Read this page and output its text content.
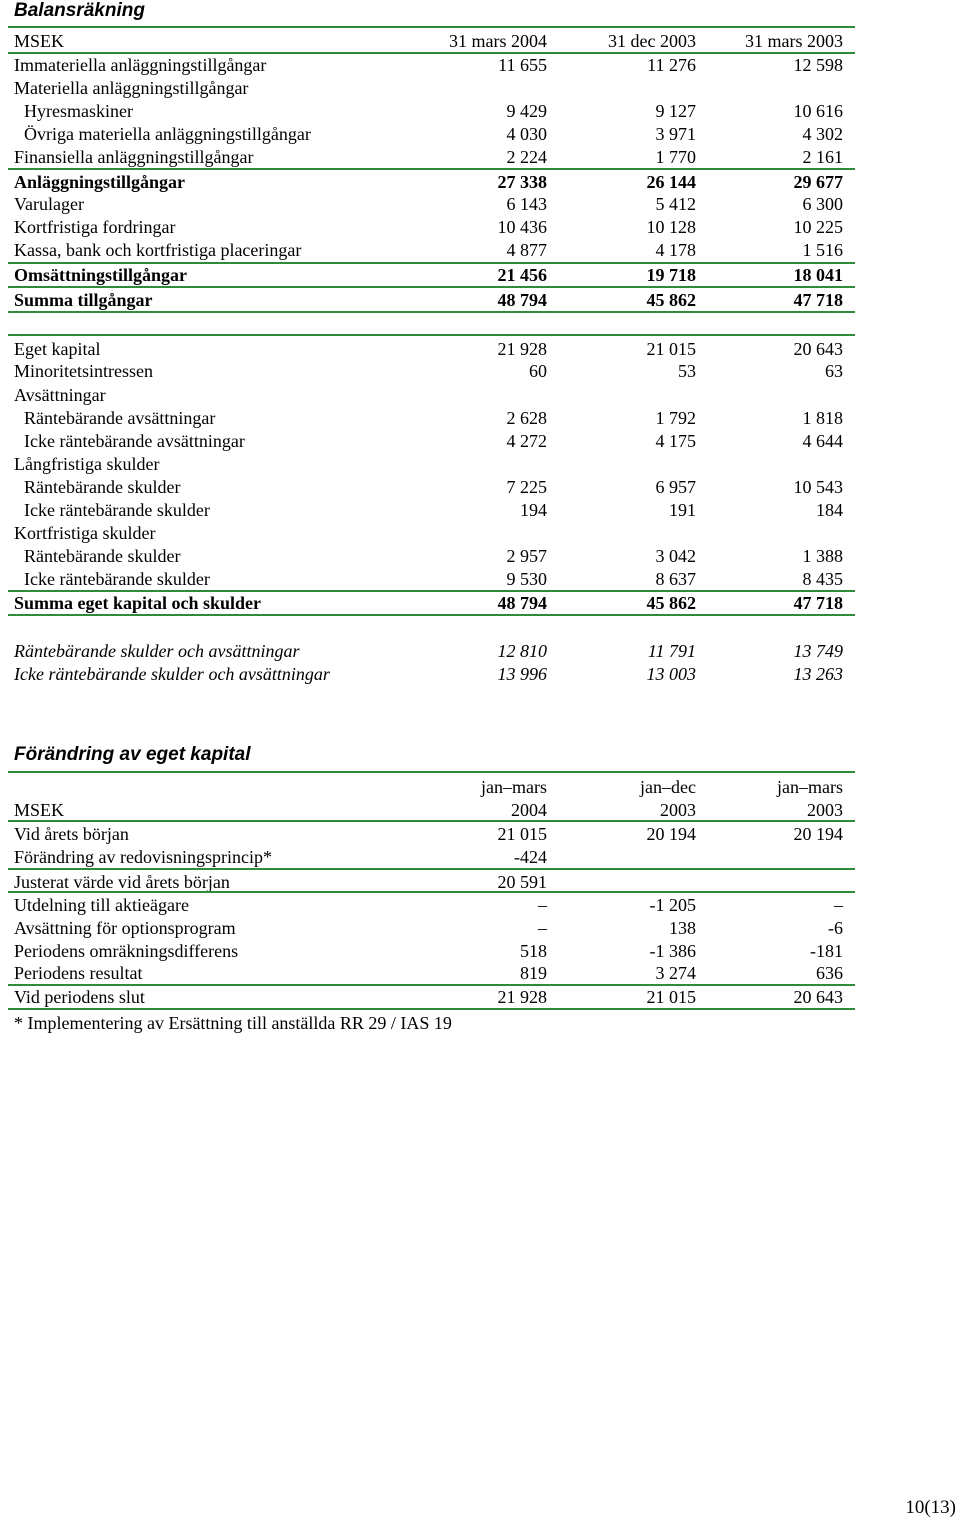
Balansräkning
MSEK	31 mars 2004	31 dec 2003	31 mars 2003
Immateriella anläggningstillgångar	11 655	11 276	12 598
Materiella anläggningstillgångar
Hyresmaskiner	9 429	9 127	10 616
Övriga materiella anläggningstillgångar	4 030	3 971	4 302
Finansiella anläggningstillgångar	2 224	1 770	2 161
Anläggningstillgångar	27 338	26 144	29 677
Varulager	6 143	5 412	6 300
Kortfristiga fordringar	10 436	10 128	10 225
Kassa, bank och kortfristiga placeringar	4 877	4 178	1 516
Omsättningstillgångar	21 456	19 718	18 041
Summa tillgångar	48 794	45 862	47 718
Eget kapital	21 928	21 015	20 643
Minoritetsintressen	60	53	63
Avsättningar
Räntebärande avsättningar	2 628	1 792	1 818
Icke räntebärande avsättningar	4 272	4 175	4 644
Långfristiga skulder
Räntebärande skulder	7 225	6 957	10 543
Icke räntebärande skulder	194	191	184
Kortfristiga skulder
Räntebärande skulder	2 957	3 042	1 388
Icke räntebärande skulder	9 530	8 637	8 435
Summa eget kapital och skulder	48 794	45 862	47 718
Räntebärande skulder och avsättningar	12 810	11 791	13 749
Icke räntebärande skulder och avsättningar	13 996	13 003	13 263
Förändring av eget kapital
jan–mars	jan–dec	jan–mars
MSEK	2004	2003	2003
Vid årets början	21 015	20 194	20 194
Förändring av redovisningsprincip*	-424
Justerat värde vid årets början	20 591
Utdelning till aktieägare	–	-1 205	–
Avsättning för optionsprogram	–	138	-6
Periodens omräkningsdifferens	518	-1 386	-181
Periodens resultat	819	3 274	636
Vid periodens slut	21 928	21 015	20 643
* Implementering av Ersättning till anställda RR 29 / IAS 19
10(13)
